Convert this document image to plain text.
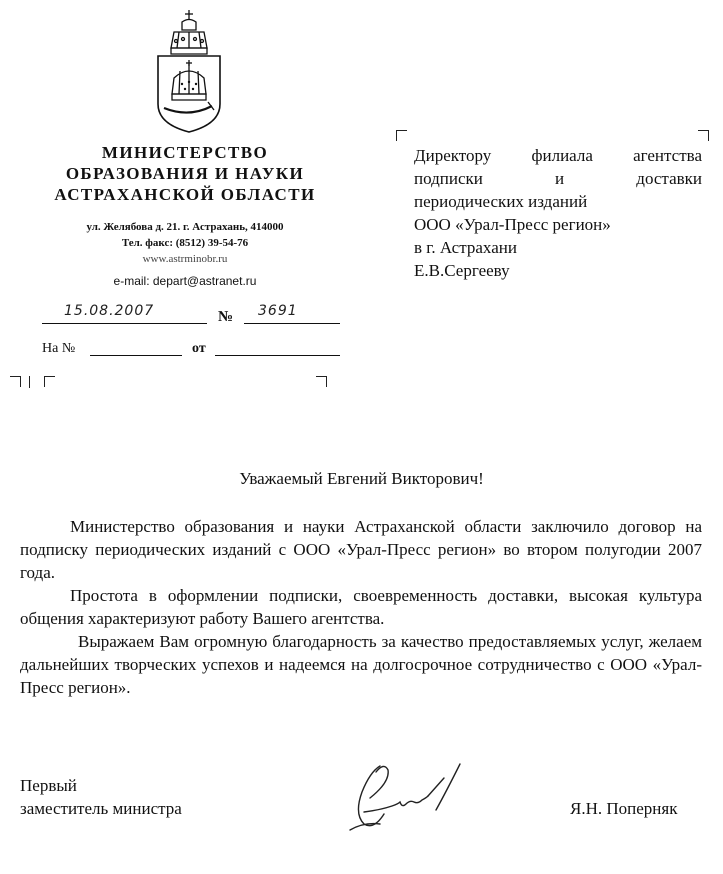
МИНИСТЕРСТВО
ОБРАЗОВАНИЯ И НАУКИ
АСТРАХАНСКОЙ ОБЛАСТИ
ул. Желябова д. 21. г. Астрахань, 414000
Тел. факс: (8512) 39-54-76
www.astrminobr.ru
e-mail: depart@astranet.ru
15.08.2007	№ 3691
На №	от
Директору филиала агентства
подписки и доставки
периодических изданий
ООО «Урал-Пресс регион»
в г. Астрахани
Е.В.Сергееву
Уважаемый Евгений Викторович!

Министерство образования и науки Астраханской области заключило договор на подписку периодических изданий с ООО «Урал-Пресс регион» во втором полугодии 2007 года.

Простота в оформлении подписки, своевременность доставки, высокая культура общения характеризуют работу Вашего агентства.

Выражаем Вам огромную благодарность за качество предоставляемых услуг, желаем дальнейших творческих успехов и надеемся на долгосрочное сотрудничество с ООО «Урал-Пресс регион».

Первый
заместитель министра	Я.Н. Поперняк
